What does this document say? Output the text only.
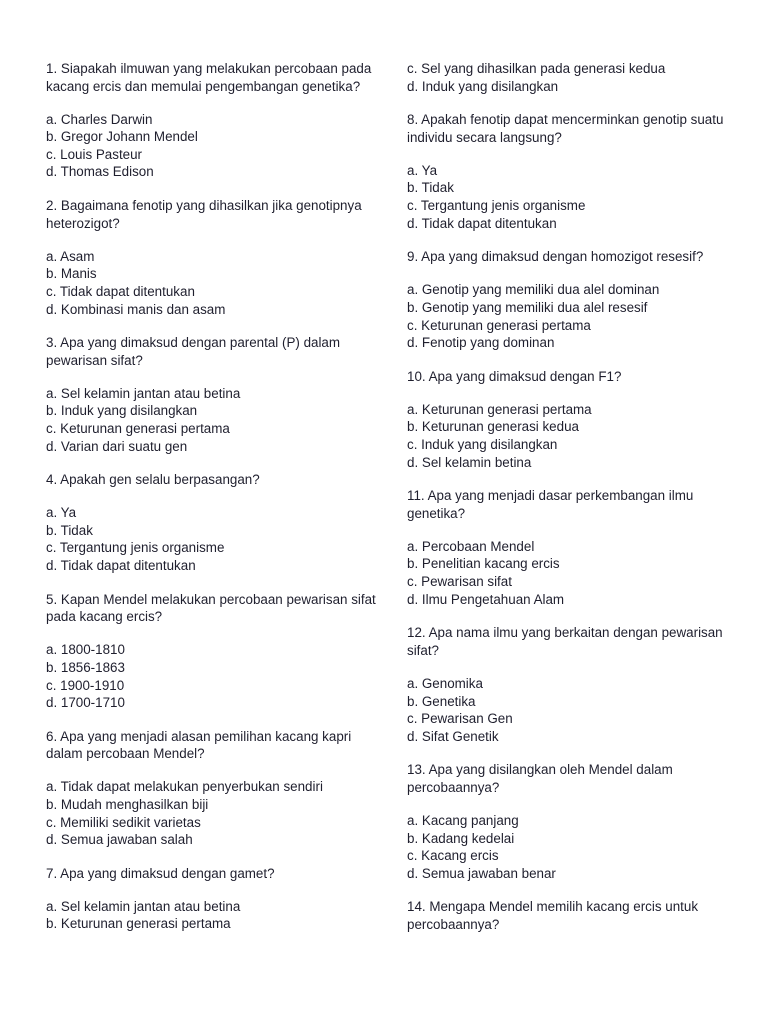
1. Siapakah ilmuwan yang melakukan percobaan pada kacang ercis dan memulai pengembangan genetika?
a. Charles Darwin
b. Gregor Johann Mendel
c. Louis Pasteur
d. Thomas Edison
2. Bagaimana fenotip yang dihasilkan jika genotipnya heterozigot?
a. Asam
b. Manis
c. Tidak dapat ditentukan
d. Kombinasi manis dan asam
3. Apa yang dimaksud dengan parental (P) dalam pewarisan sifat?
a. Sel kelamin jantan atau betina
b. Induk yang disilangkan
c. Keturunan generasi pertama
d. Varian dari suatu gen
4. Apakah gen selalu berpasangan?
a. Ya
b. Tidak
c. Tergantung jenis organisme
d. Tidak dapat ditentukan
5. Kapan Mendel melakukan percobaan pewarisan sifat pada kacang ercis?
a. 1800-1810
b. 1856-1863
c. 1900-1910
d. 1700-1710
6. Apa yang menjadi alasan pemilihan kacang kapri dalam percobaan Mendel?
a. Tidak dapat melakukan penyerbukan sendiri
b. Mudah menghasilkan biji
c. Memiliki sedikit varietas
d. Semua jawaban salah
7. Apa yang dimaksud dengan gamet?
a. Sel kelamin jantan atau betina
b. Keturunan generasi pertama
c. Sel yang dihasilkan pada generasi kedua
d. Induk yang disilangkan
8. Apakah fenotip dapat mencerminkan genotip suatu individu secara langsung?
a. Ya
b. Tidak
c. Tergantung jenis organisme
d. Tidak dapat ditentukan
9. Apa yang dimaksud dengan homozigot resesif?
a. Genotip yang memiliki dua alel dominan
b. Genotip yang memiliki dua alel resesif
c. Keturunan generasi pertama
d. Fenotip yang dominan
10. Apa yang dimaksud dengan F1?
a. Keturunan generasi pertama
b. Keturunan generasi kedua
c. Induk yang disilangkan
d. Sel kelamin betina
11. Apa yang menjadi dasar perkembangan ilmu genetika?
a. Percobaan Mendel
b. Penelitian kacang ercis
c. Pewarisan sifat
d. Ilmu Pengetahuan Alam
12. Apa nama ilmu yang berkaitan dengan pewarisan sifat?
a. Genomika
b. Genetika
c. Pewarisan Gen
d. Sifat Genetik
13. Apa yang disilangkan oleh Mendel dalam percobaannya?
a. Kacang panjang
b. Kadang kedelai
c. Kacang ercis
d. Semua jawaban benar
14. Mengapa Mendel memilih kacang ercis untuk percobaannya?
